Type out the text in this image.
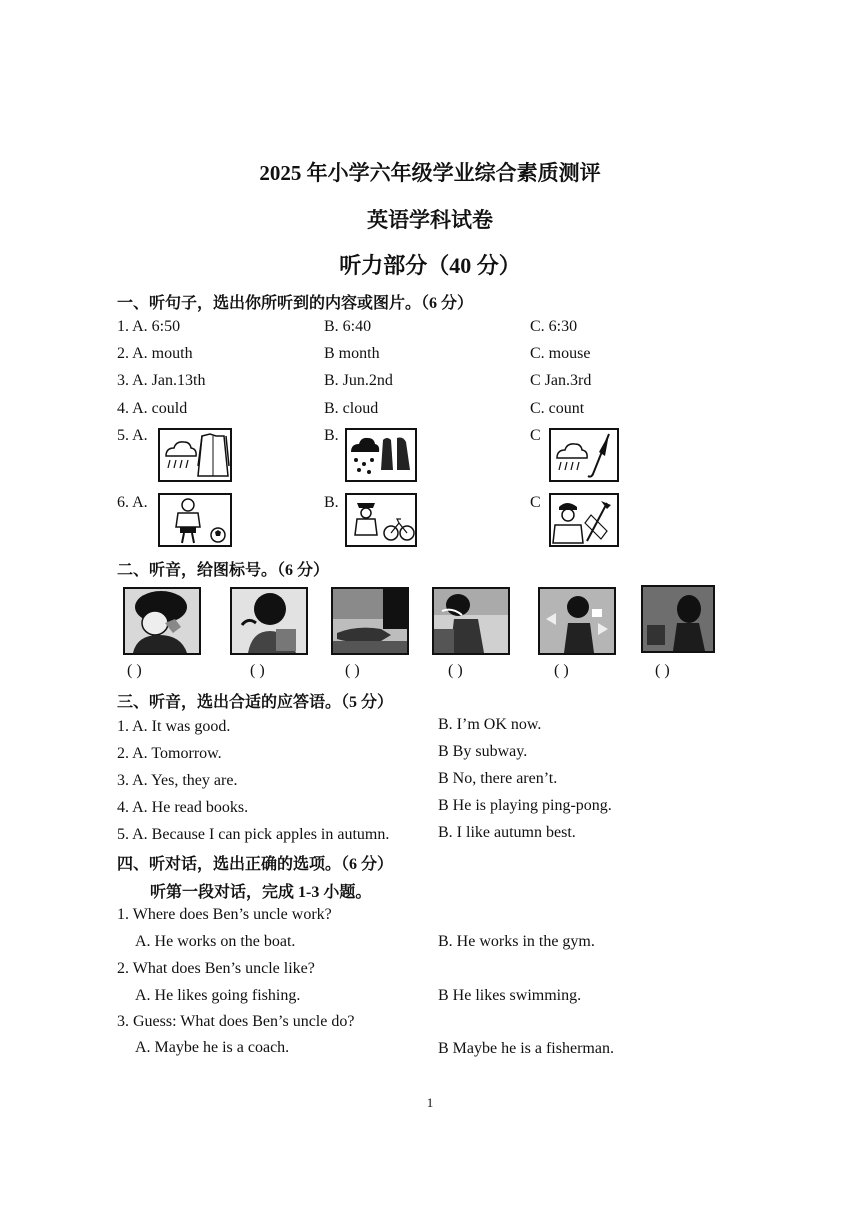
2025 年小学六年级学业综合素质测评
英语学科试卷
听力部分（40 分）
一、听句子，选出你所听到的内容或图片。（6 分）
1. A. 6:50	B. 6:40	C. 6:30
2. A. mouth	B month	C. mouse
3. A. Jan.13th	B. Jun.2nd	C Jan.3rd
4. A. could	B. cloud	C. count
5. A.	B.	C
6. A.	B.	C
二、听音，给图标号。（6 分）
( )	( )	( )	( )	( )	( )
三、听音，选出合适的应答语。（5 分）
1. A. It was good.	B. I’m OK now.
2. A. Tomorrow.	B By subway.
3. A. Yes, they are.	B No, there aren’t.
4. A. He read books.	B He is playing ping-pong.
5. A. Because I can pick apples in autumn.	B. I like autumn best.
四、听对话，选出正确的选项。（6 分）
听第一段对话，完成 1-3 小题。
1. Where does Ben’s uncle work?
A. He works on the boat.	B. He works in the gym.
2. What does Ben’s uncle like?
A. He likes going fishing.	B He likes swimming.
3. Guess: What does Ben’s uncle do?
A. Maybe he is a coach.	B Maybe he is a fisherman.
1
